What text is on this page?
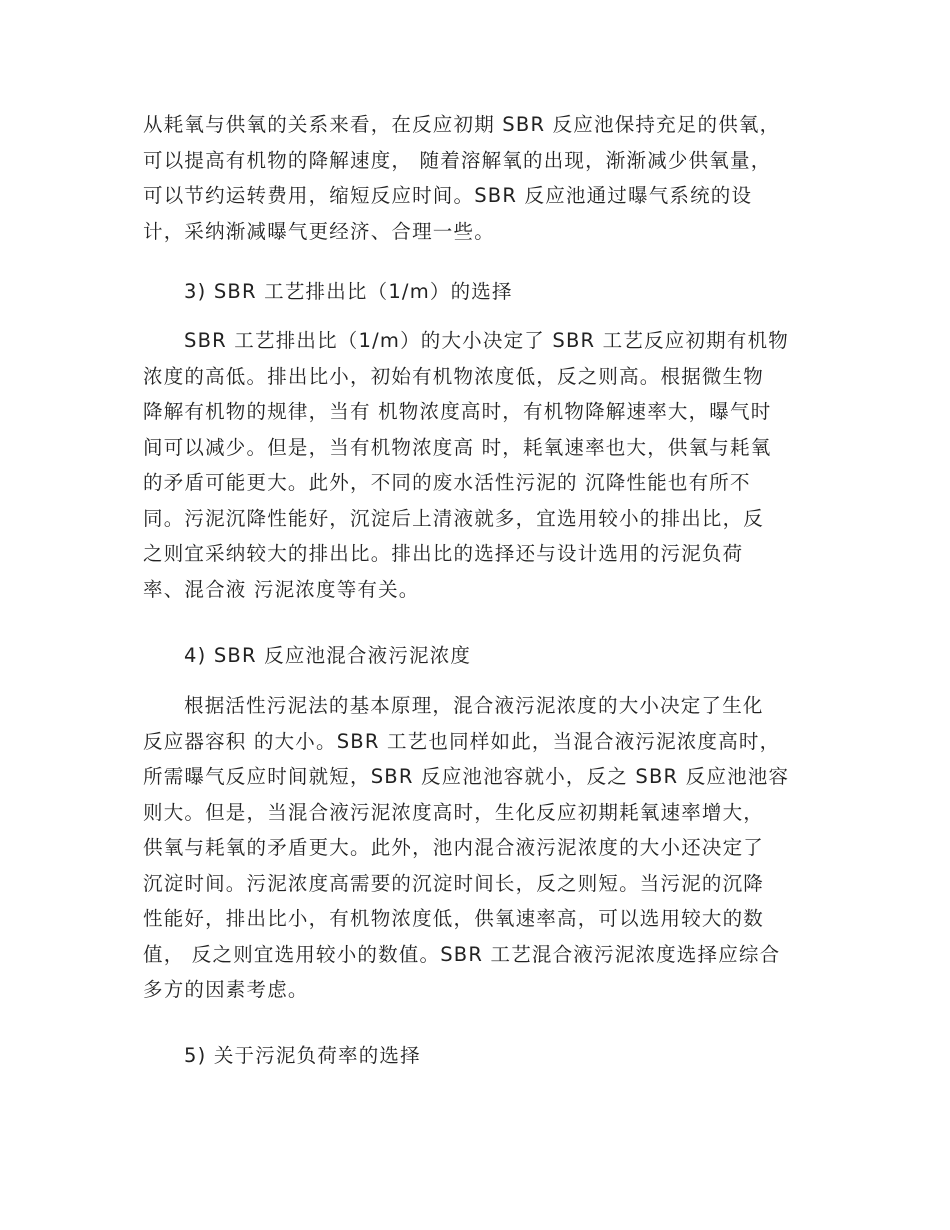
从耗氧与供氧的关系来看，在反应初期 SBR 反应池保持充足的供氧，
可以提高有机物的降解速度， 随着溶解氧的出现，渐渐减少供氧量，
可以节约运转费用，缩短反应时间。SBR 反应池通过曝气系统的设
计，采纳渐减曝气更经济、合理一些。
3) SBR 工艺排出比（1/m）的选择
SBR 工艺排出比（1/m）的大小决定了 SBR 工艺反应初期有机物
浓度的高低。排出比小，初始有机物浓度低，反之则高。根据微生物
降解有机物的规律，当有 机物浓度高时，有机物降解速率大，曝气时
间可以减少。但是，当有机物浓度高 时，耗氧速率也大，供氧与耗氧
的矛盾可能更大。此外，不同的废水活性污泥的 沉降性能也有所不
同。污泥沉降性能好，沉淀后上清液就多，宜选用较小的排出比，反
之则宜采纳较大的排出比。排出比的选择还与设计选用的污泥负荷
率、混合液 污泥浓度等有关。
4) SBR 反应池混合液污泥浓度
根据活性污泥法的基本原理，混合液污泥浓度的大小决定了生化
反应器容积 的大小。SBR 工艺也同样如此，当混合液污泥浓度高时，
所需曝气反应时间就短，SBR 反应池池容就小，反之 SBR 反应池池容
则大。但是，当混合液污泥浓度高时，生化反应初期耗氧速率增大，
供氧与耗氧的矛盾更大。此外，池内混合液污泥浓度的大小还决定了
沉淀时间。污泥浓度高需要的沉淀时间长，反之则短。当污泥的沉降
性能好，排出比小，有机物浓度低，供氧速率高，可以选用较大的数
值， 反之则宜选用较小的数值。SBR 工艺混合液污泥浓度选择应综合
多方的因素考虑。
5) 关于污泥负荷率的选择
